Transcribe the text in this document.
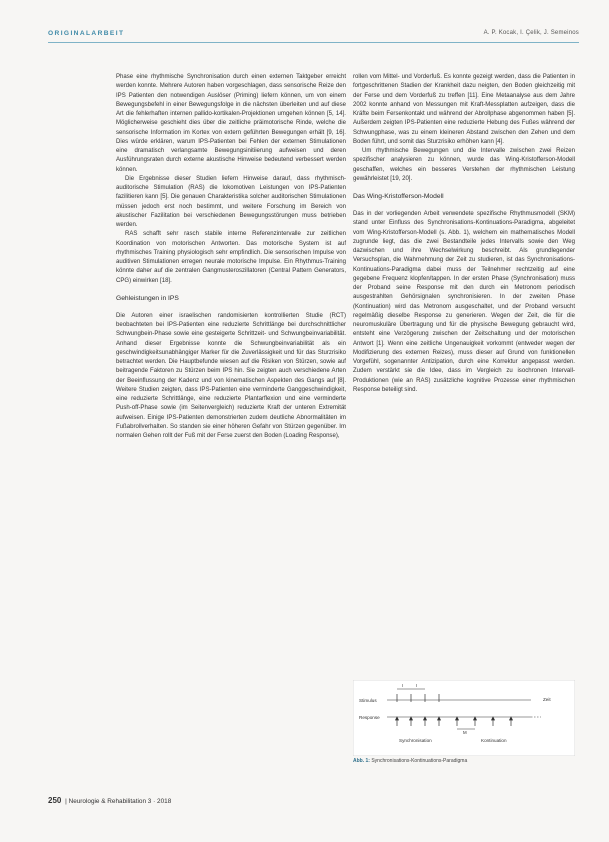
ORIGINALARBEIT	A. P. Kocak, I. Çelik, J. Semeinos

Phase eine rhythmische Synchronisation durch einen externen Taktgeber erreicht werden konnte. Mehrere Autoren haben vorgeschlagen, dass sensorische Reize den IPS Patienten den notwendigen Auslöser (Priming) liefern können, um von einem Bewegungsbefehl in einer Bewegungsfolge in die nächsten überleiten und auf diese Art die fehlerhaften internen pallido-kortikalen-Projektionen umgehen können [5, 14]. Möglicherweise geschieht dies über die zeitliche präimotorische Rinde, welche die sensorische Information im Kortex von extern geführten Bewegungen erhält [9, 16]. Dies würde erklären, warum IPS-Patienten bei Fehlen der externen Stimulationen eine dramatisch verlangsamte Bewegungsinitiierung aufweisen und deren Ausführungsraten durch externe akustische Hinweise bedeutend verbessert werden können.

Die Ergebnisse dieser Studien liefern Hinweise darauf, dass rhythmisch-auditorische Stimulation (RAS) die lokomotiven Leistungen von IPS-Patienten fazilitieren kann [5]. Die genauen Charakteristika solcher auditorischen Stimulationen müssen jedoch erst noch bestimmt, und weitere Forschung im Bereich von akustischer Fazilitation bei verschiedenen Bewegungsstörungen muss betrieben werden.

RAS schafft sehr rasch stabile interne Referenzintervalle zur zeitlichen Koordination von motorischen Antworten. Das motorische System ist auf rhythmisches Training physiologisch sehr empfindlich. Die sensorischen Impulse von auditiven Stimulationen erregen neurale motorische Impulse. Ein Rhythmus-Training könnte daher auf die zentralen Gangmusteroszillatoren (Central Pattern Generators, CPG) einwirken [18].

Gehleistungen in IPS

Die Autoren einer israelischen randomisierten kontrollierten Studie (RCT) beobachteten bei IPS-Patienten eine reduzierte Schrittlänge bei durchschnittlicher Schwungbein-Phase sowie eine gesteigerte Schrittzeit- und Schwungbeinvariabilität. Anhand dieser Ergebnisse konnte die Schwungbeinvariabilität als ein geschwindigkeitsunabhängiger Marker für die Zuverlässigkeit und für das Sturzrisiko betrachtet werden. Die Hauptbefunde wiesen auf die Risiken von Stürzen, sowie auf beitragende Faktoren zu Stürzen beim IPS hin. Sie zeigten auch verschiedene Arten der Beeinflussung der Kadenz und von kinematischen Aspekten des Gangs auf [8]. Weitere Studien zeigten, dass IPS-Patienten eine verminderte Ganggeschwindigkeit, eine reduzierte Schrittlänge, eine reduzierte Plantarflexion und eine verminderte Push-off-Phase sowie (im Seitenvergleich) reduzierte Kraft der unteren Extremität aufweisen. Einige IPS-Patienten demonstrierten zudem deutliche Abnormalitäten im Fußabrollverhalten. So standen sie einer höheren Gefahr von Stürzen gegenüber. Im normalen Gehen rollt der Fuß mit der Ferse zuerst den Boden (Loading Response),

rollen vom Mittel- und Vorderfuß. Es konnte gezeigt werden, dass die Patienten in fortgeschrittenen Stadien der Krankheit dazu neigten, den Boden gleichzeitig mit der Ferse und dem Vorderfuß zu treffen [11]. Eine Metaanalyse aus dem Jahre 2002 konnte anhand von Messungen mit Kraft-Messplatten aufzeigen, dass die Kräfte beim Fersenkontakt und während der Abrollphase abgenommen haben [5]. Außerdem zeigten IPS-Patienten eine reduzierte Hebung des Fußes während der Schwungphase, was zu einem kleineren Abstand zwischen den Zehen und dem Boden führt, und somit das Sturzrisiko erhöhen kann [4].

Um rhythmische Bewegungen und die Intervalle zwischen zwei Reizen spezifischer analysieren zu können, wurde das Wing-Kristofferson-Modell geschaffen, welches ein besseres Verstehen der rhythmischen Leistung gewährleistet [19, 20].

Das Wing-Kristofferson-Modell

Das in der vorliegenden Arbeit verwendete spezifische Rhythmusmodell (SKM) stand unter Einfluss des Synchronisations-Kontinuations-Paradigma, abgeleitet vom Wing-Kristofferson-Modell (s. Abb. 1), welchem ein mathematisches Modell zugrunde liegt, das die zwei Bestandteile jedes Intervalls sowie den Weg dazwischen und ihre Wechselwirkung beschreibt. Als grundlegender Versuchsplan, die Wahrnehmung der Zeit zu studieren, ist das Synchronisations-Kontinuations-Paradigma dabei muss der Teilnehmer rechtzeitig auf eine gegebene Frequenz klopfen/tappen. In der ersten Phase (Synchronisation) muss der Proband seine Response mit den durch ein Metronom periodisch ausgestrahlten Gehörsignalen synchronisieren. In der zweiten Phase (Kontinuation) wird das Metronom ausgeschaltet, und der Proband versucht regelmäßig dieselbe Response zu generieren. Wegen der Zeit, die für die neuromuskuläre Übertragung und für die physische Bewegung gebraucht wird, entsteht eine Verzögerung zwischen der Zeitschaltung und der motorischen Antwort [1]. Wenn eine zeitliche Ungenauigkeit vorkommt (entweder wegen der Modifizierung des externen Reizes), muss dieser auf Grund von funktionellen Vorgefühl, sogenannter Antizipation, durch eine Korrektur angepasst werden. Zudem verstärkt sie die Idee, dass im Vergleich zu isochronen Intervall-Produktionen (wie an RAS) zusätzliche kognitive Prozesse einer rhythmischen Response beteiligt sind.

Stimulus
Response
Zeit
I	I
M
Synchronisation	Kontinuation
Abb. 1: Synchronisations-Kontinuations-Paradigma
250 | Neurologie & Rehabilitation 3 · 2018
